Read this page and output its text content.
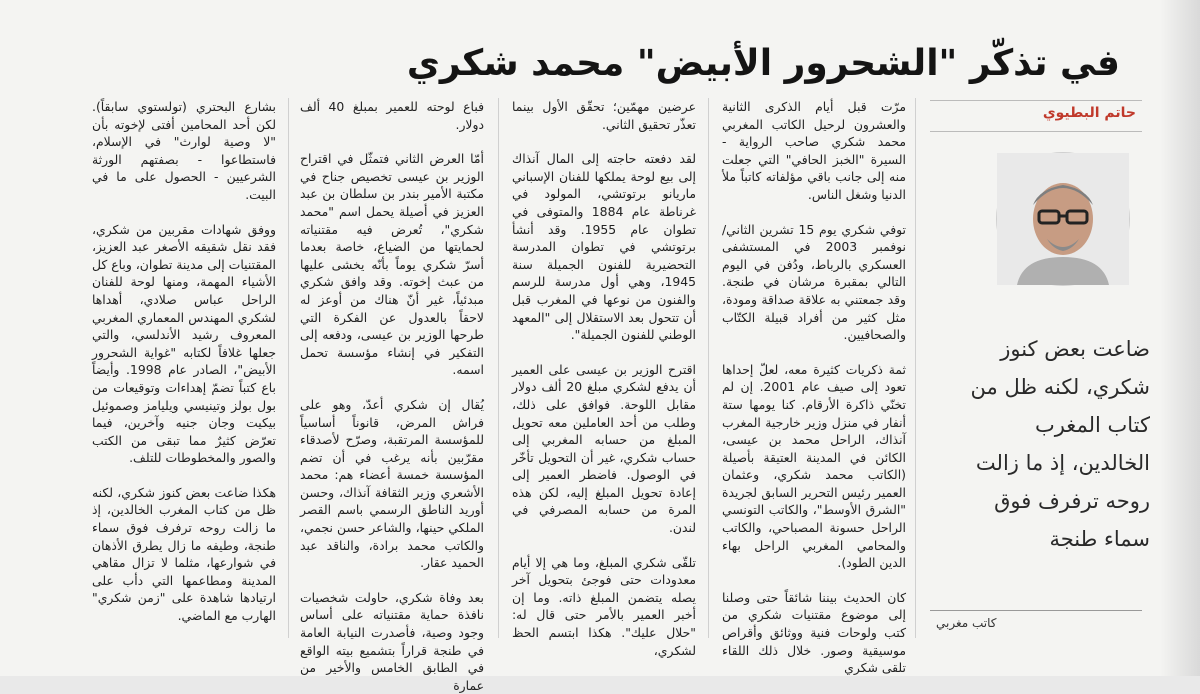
في تذكّر "الشحرور الأبيض" محمد شكري
حاتم البطيوي
ضاعت بعض كنوز شكري، لكنه ظل من كتاب المغرب الخالدين، إذ ما زالت روحه ترفرف فوق سماء طنجة
كاتب مغربي

مرّت قبل أيام الذكرى الثانية والعشرون لرحيل الكاتب المغربي محمد شكري صاحب الرواية - السيرة "الخبز الحافي" التي جعلت منه إلى جانب باقي مؤلفاته كاتباً ملأ الدنيا وشغل الناس.

توفي شكري يوم 15 تشرين الثاني/ نوفمبر 2003 في المستشفى العسكري بالرباط، ودُفن في اليوم التالي بمقبرة مرشان في طنجة. وقد جمعتني به علاقة صداقة ومودة، مثل كثير من أفراد قبيلة الكتّاب والصحافيين.

ثمة ذكريات كثيرة معه، لعلّ إحداها تعود إلى صيف عام 2001. إن لم تخنّي ذاكرة الأرقام. كنا يومها ستة أنفار في منزل وزير خارجية المغرب آنذاك، الراحل محمد بن عيسى، الكائن في المدينة العتيقة بأصيلة (الكاتب محمد شكري، وعثمان العمير رئيس التحرير السابق لجريدة "الشرق الأوسط"، والكاتب التونسي الراحل حسونة المصباحي، والكاتب والمحامي المغربي الراحل بهاء الدين الطود).

كان الحديث بيننا شائقاً حتى وصلنا إلى موضوع مقتنيات شكري من كتب ولوحات فنية ووثائق وأقراص موسيقية وصور. خلال ذلك اللقاء تلقى شكري

عرضين مهمّين؛ تحقّق الأول بينما تعذّر تحقيق الثاني.

لقد دفعته حاجته إلى المال آنذاك إلى بيع لوحة يملكها للفنان الإسباني ماريانو برتوتشي، المولود في غرناطة عام 1884 والمتوفى في تطوان عام 1955. وقد أنشأ برتوتشي في تطوان المدرسة التحضيرية للفنون الجميلة سنة 1945، وهي أول مدرسة للرسم والفنون من نوعها في المغرب قبل أن تتحول بعد الاستقلال إلى "المعهد الوطني للفنون الجميلة".

اقترح الوزير بن عيسى على العمير أن يدفع لشكري مبلغ 20 ألف دولار مقابل اللوحة. فوافق على ذلك، وطلب من أحد العاملين معه تحويل المبلغ من حسابه المغربي إلى حساب شكري، غير أن التحويل تأخّر في الوصول. فاضطر العمير إلى إعادة تحويل المبلغ إليه، لكن هذه المرة من حسابه المصرفي في لندن.

تلقّى شكري المبلغ، وما هي إلا أيام معدودات حتى فوجئ بتحويل آخر يصله يتضمن المبلغ ذاته. وما إن أخبر العمير بالأمر حتى قال له: "حلال عليك". هكذا ابتسم الحظ لشكري،

فباع لوحته للعمير بمبلغ 40 ألف دولار.

أمّا العرض الثاني فتمثّل في اقتراح الوزير بن عيسى تخصيص جناح في مكتبة الأمير بندر بن سلطان بن عبد العزيز في أصيلة يحمل اسم "محمد شكري"، تُعرض فيه مقتنياته لحمايتها من الضياع، خاصة بعدما أسرّ شكري يوماً بأنّه يخشى عليها من عبث إخوته. وقد وافق شكري مبدئياً، غير أنّ هناك من أوعز له لاحقاً بالعدول عن الفكرة التي طرحها الوزير بن عيسى، ودفعه إلى التفكير في إنشاء مؤسسة تحمل اسمه.

يُقال إن شكري أعدّ، وهو على فراش المرض، قانوناً أساسياً للمؤسسة المرتقبة، وصرّح لأصدقاء مقرّبين بأنه يرغب في أن تضم المؤسسة خمسة أعضاء هم: محمد الأشعري وزير الثقافة آنذاك، وحسن أوريد الناطق الرسمي باسم القصر الملكي حينها، والشاعر حسن نجمي، والكاتب محمد برادة، والناقد عبد الحميد عقار.

بعد وفاة شكري، حاولت شخصيات نافذة حماية مقتنياته على أساس وجود وصية، فأصدرت النيابة العامة في طنجة قراراً بتشميع بيته الواقع في الطابق الخامس والأخير من عمارة

بشارع البحتري (تولستوي سابقاً). لكن أحد المحامين أفتى لإخوته بأن "لا وصية لوارث" في الإسلام، فاستطاعوا - بصفتهم الورثة الشرعيين - الحصول على ما في البيت.

ووفق شهادات مقربين من شكري، فقد نقل شقيقه الأصغر عبد العزيز، المقتنيات إلى مدينة تطوان، وباع كل الأشياء المهمة، ومنها لوحة للفنان الراحل عباس صلادي، أهداها لشكري المهندس المعماري المغربي المعروف رشيد الأندلسي، والتي جعلها غلافاً لكتابه "غواية الشحرور الأبيض"، الصادر عام 1998. وأيضاً باع كتباً تضمّ إهداءات وتوقيعات من بول بولز وتينيسي ويليامز وصموئيل بيكيت وجان جنيه وآخرين، فيما تعرّض كثيرٌ مما تبقى من الكتب والصور والمخطوطات للتلف.

هكذا ضاعت بعض كنوز شكري، لكنه ظل من كتاب المغرب الخالدين، إذ ما زالت روحه ترفرف فوق سماء طنجة، وطيفه ما زال يطرق الأذهان في شوارعها، مثلما لا تزال مقاهي المدينة ومطاعمها التي دأب على ارتيادها شاهدة على "زمن شكري" الهارب مع الماضي.
